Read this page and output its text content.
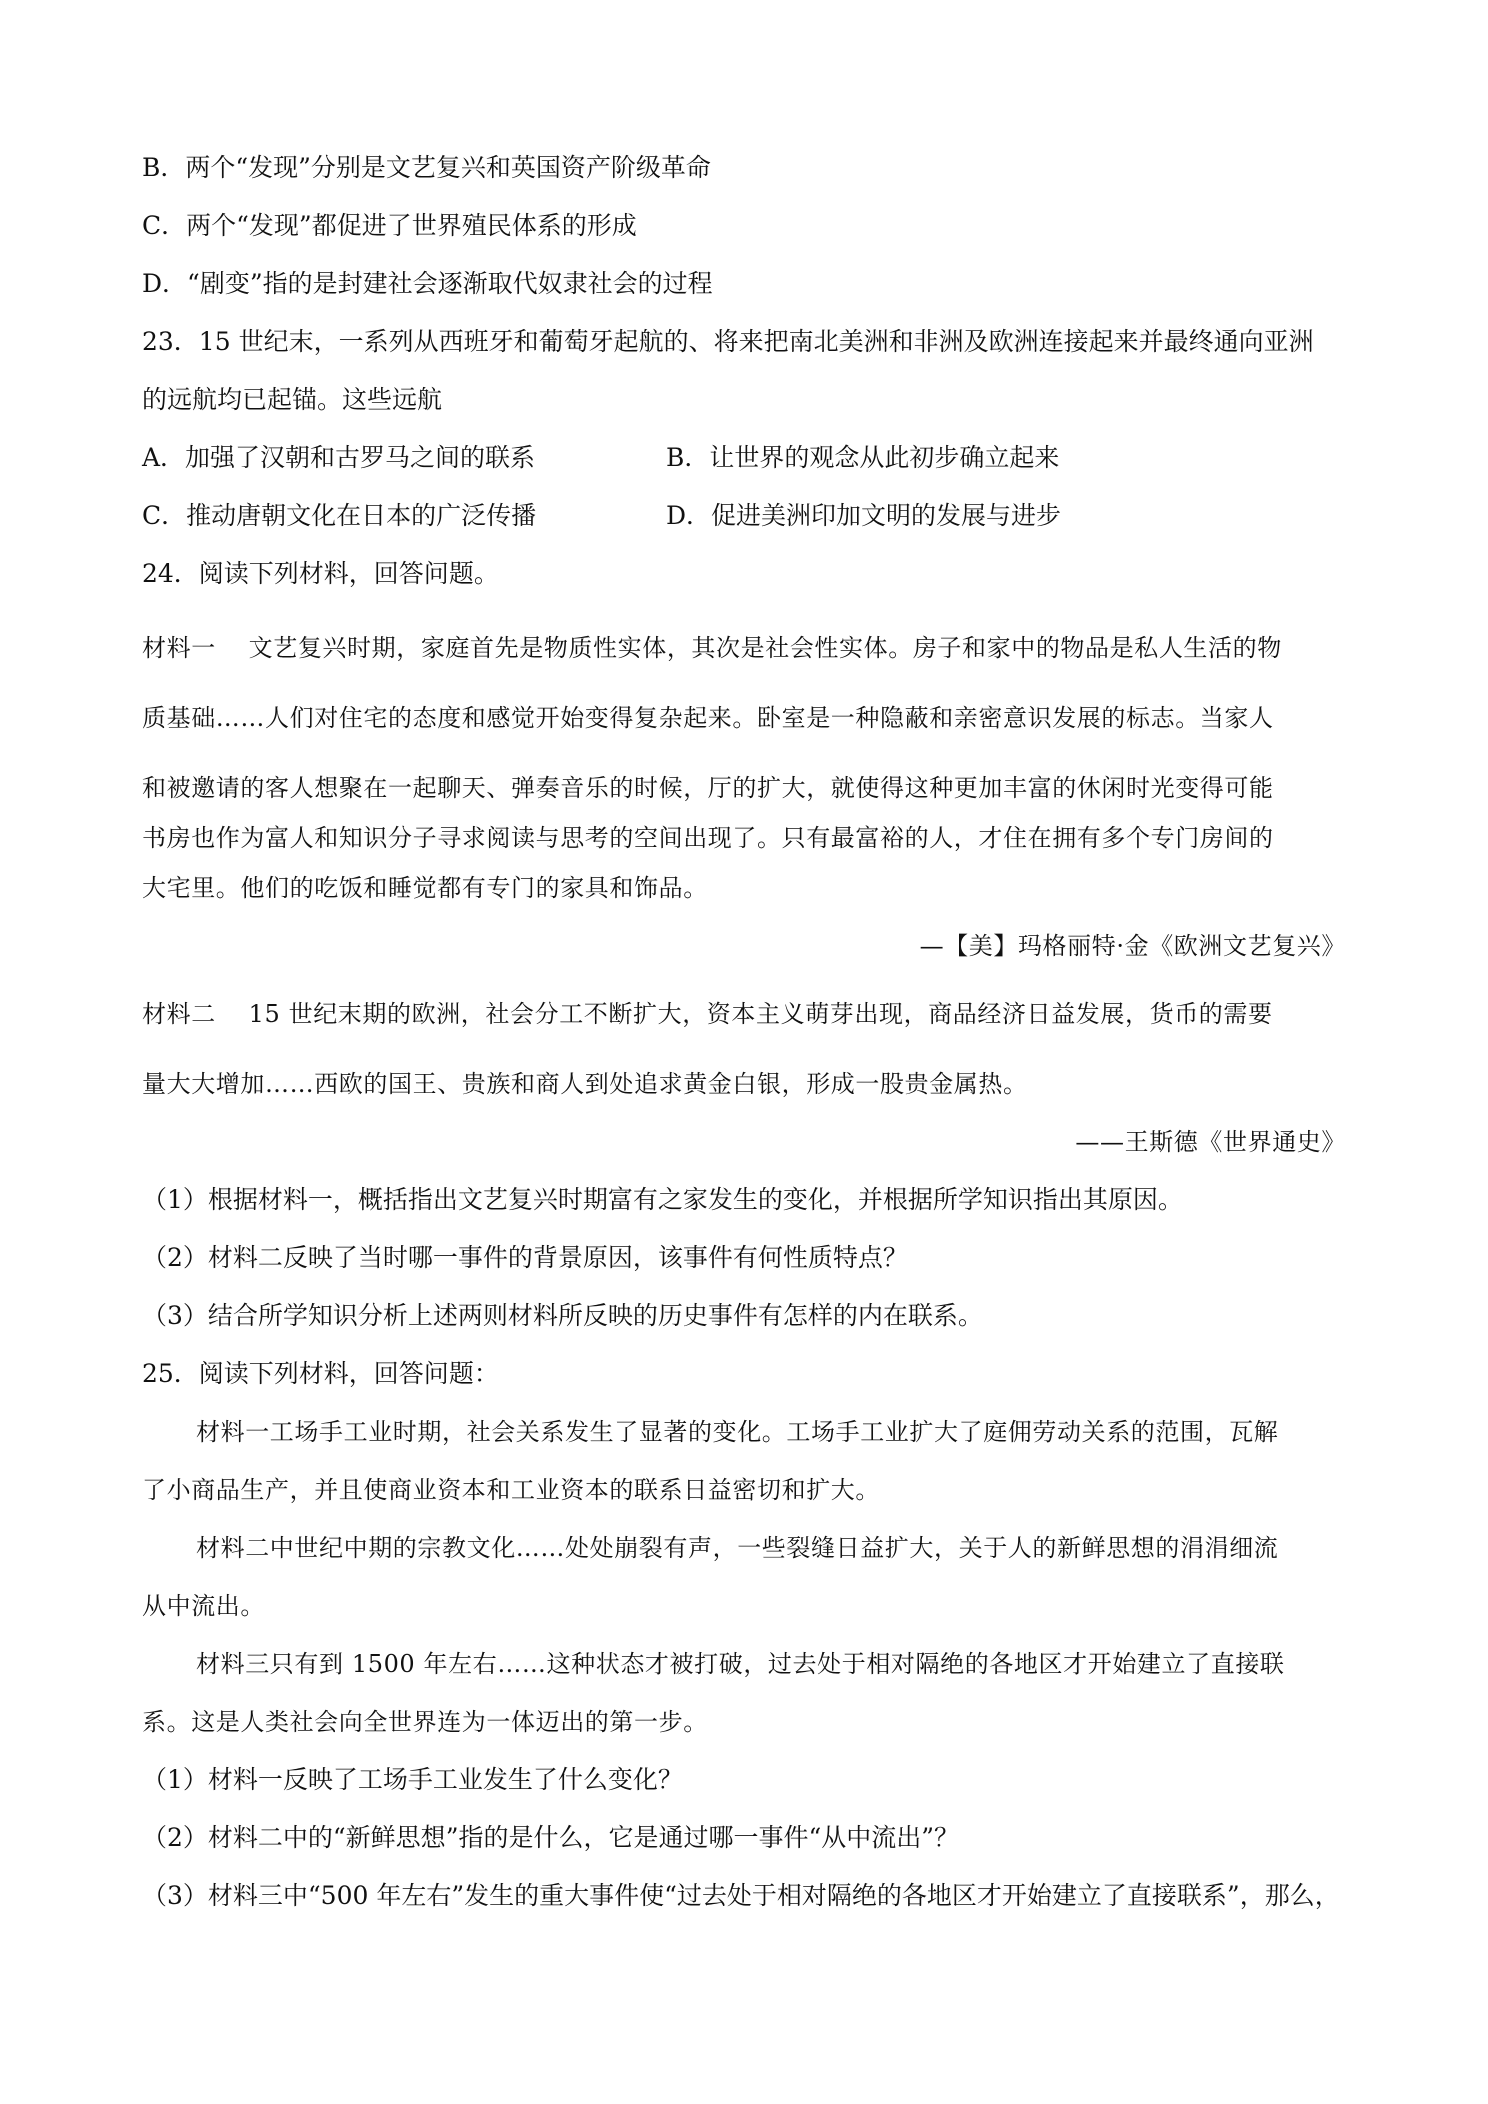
B．两个“发现”分别是文艺复兴和英国资产阶级革命
C．两个“发现”都促进了世界殖民体系的形成
D．“剧变”指的是封建社会逐渐取代奴隶社会的过程
23．15 世纪末，一系列从西班牙和葡萄牙起航的、将来把南北美洲和非洲及欧洲连接起来并最终通向亚洲
的远航均已起锚。这些远航
A．加强了汉朝和古罗马之间的联系	B．让世界的观念从此初步确立起来
C．推动唐朝文化在日本的广泛传播	D．促进美洲印加文明的发展与进步
24．阅读下列材料，回答问题。
材料一　 文艺复兴时期，家庭首先是物质性实体，其次是社会性实体。房子和家中的物品是私人生活的物
质基础……人们对住宅的态度和感觉开始变得复杂起来。卧室是一种隐蔽和亲密意识发展的标志。当家人
和被邀请的客人想聚在一起聊天、弹奏音乐的时候，厅的扩大，就使得这种更加丰富的休闲时光变得可能
书房也作为富人和知识分子寻求阅读与思考的空间出现了。只有最富裕的人，才住在拥有多个专门房间的
大宅里。他们的吃饭和睡觉都有专门的家具和饰品。
—【美】玛格丽特·金《欧洲文艺复兴》
材料二　 15 世纪末期的欧洲，社会分工不断扩大，资本主义萌芽出现，商品经济日益发展，货币的需要
量大大增加……西欧的国王、贵族和商人到处追求黄金白银，形成一股贵金属热。
——王斯德《世界通史》
（1）根据材料一，概括指出文艺复兴时期富有之家发生的变化，并根据所学知识指出其原因。
（2）材料二反映了当时哪一事件的背景原因，该事件有何性质特点？
（3）结合所学知识分析上述两则材料所反映的历史事件有怎样的内在联系。
25．阅读下列材料，回答问题：
材料一工场手工业时期，社会关系发生了显著的变化。工场手工业扩大了庭佣劳动关系的范围，瓦解
了小商品生产，并且使商业资本和工业资本的联系日益密切和扩大。
材料二中世纪中期的宗教文化……处处崩裂有声，一些裂缝日益扩大，关于人的新鲜思想的涓涓细流
从中流出。
材料三只有到 1500 年左右……这种状态才被打破，过去处于相对隔绝的各地区才开始建立了直接联
系。这是人类社会向全世界连为一体迈出的第一步。
（1）材料一反映了工场手工业发生了什么变化？
（2）材料二中的“新鲜思想”指的是什么，它是通过哪一事件“从中流出”？
（3）材料三中“500 年左右”发生的重大事件使“过去处于相对隔绝的各地区才开始建立了直接联系”，那么，
